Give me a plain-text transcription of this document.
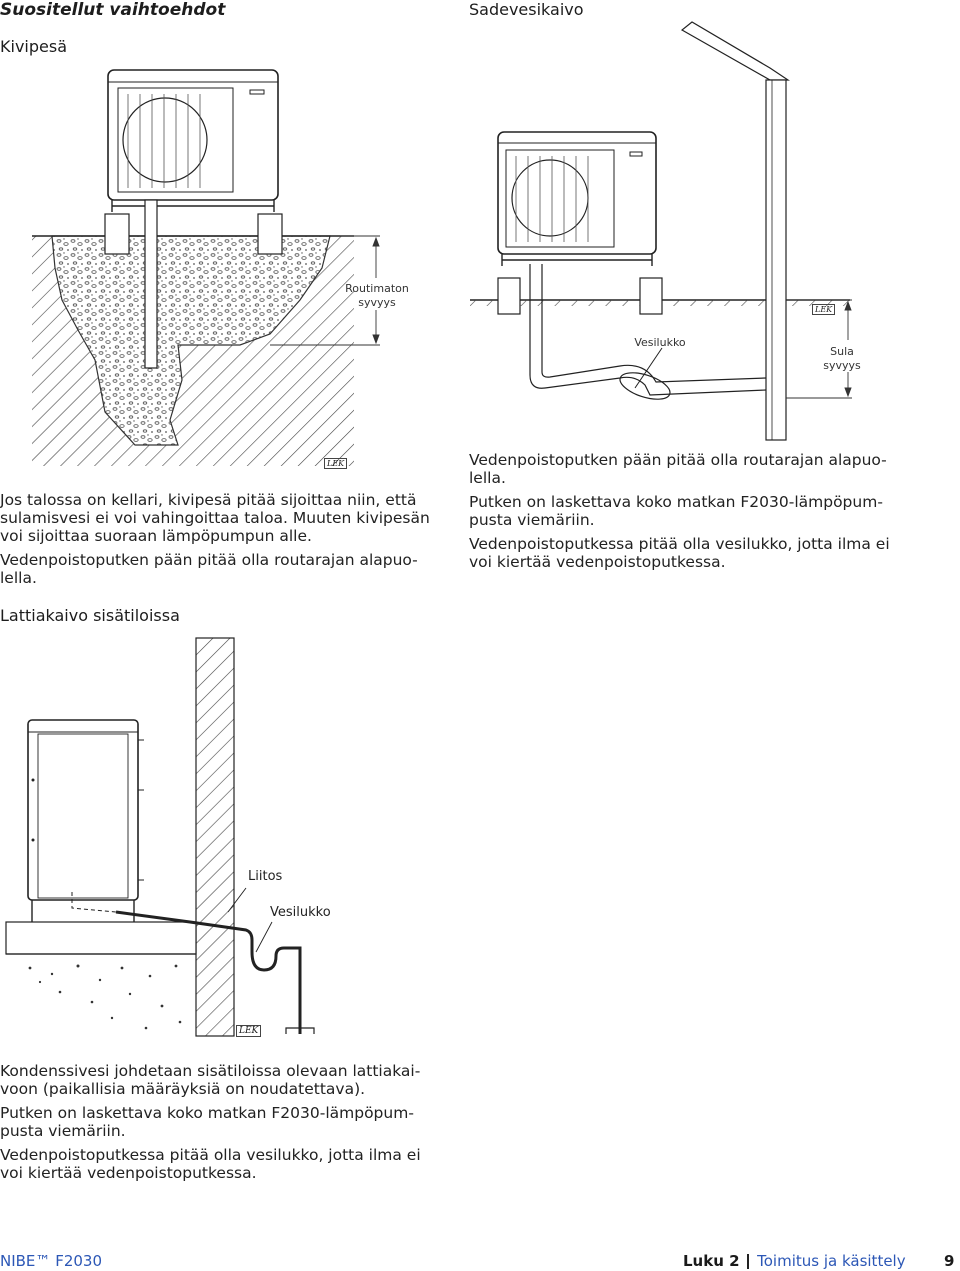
Suositellut vaihtoehdot
Kivipesä
Sadevesikaivo
Routimaton
syvyys
LEK
Vesilukko
Sula
syvyys
LEK

Jos talossa on kellari, kivipesä pitää sijoittaa niin, että
sulamisvesi ei voi vahingoittaa taloa. Muuten kivipesän
voi sijoittaa suoraan lämpöpumpun alle.

Vedenpoistoputken pään pitää olla routarajan alapuo-
lella.

Vedenpoistoputken pään pitää olla routarajan alapuo-
lella.

Putken on laskettava koko matkan F2030-lämpöpum-
pusta viemäriin.

Vedenpoistoputkessa pitää olla vesilukko, jotta ilma ei
voi kiertää vedenpoistoputkessa.

Lattiakaivo sisätiloissa
Liitos
Vesilukko
LEK

Kondenssivesi johdetaan sisätiloissa olevaan lattiakai-
voon (paikallisia määräyksiä on noudatettava).

Putken on laskettava koko matkan F2030-lämpöpum-
pusta viemäriin.

Vedenpoistoputkessa pitää olla vesilukko, jotta ilma ei
voi kiertää vedenpoistoputkessa.

NIBE™ F2030	Luku 2 Toimitus ja käsittely	9
